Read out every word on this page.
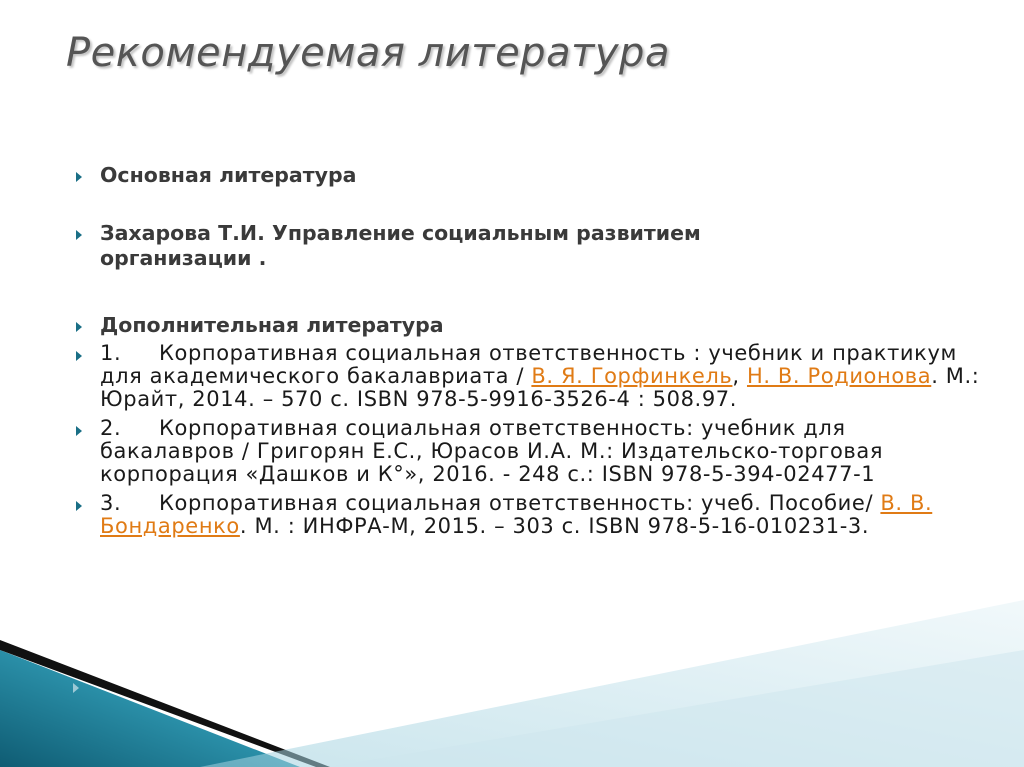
Рекомендуемая литература
Основная литература
Захарова Т.И. Управление социальным развитием организации .
Дополнительная литература
1. Корпоративная социальная ответственность : учебник и практикум для академического бакалавриата / В. Я. Горфинкель, Н. В. Родионова. М.: Юрайт, 2014. – 570 с. ISBN 978-5-9916-3526-4 : 508.97.
2. Корпоративная социальная ответственность: учебник для бакалавров / Григорян Е.С., Юрасов И.А. М.: Издательско-торговая корпорация «Дашков и К°», 2016. - 248 с.: ISBN 978-5-394-02477-1
3. Корпоративная социальная ответственность: учеб. Пособие/ В. В. Бондаренко. М. : ИНФРА-М, 2015. – 303 с. ISBN 978-5-16-010231-3.
